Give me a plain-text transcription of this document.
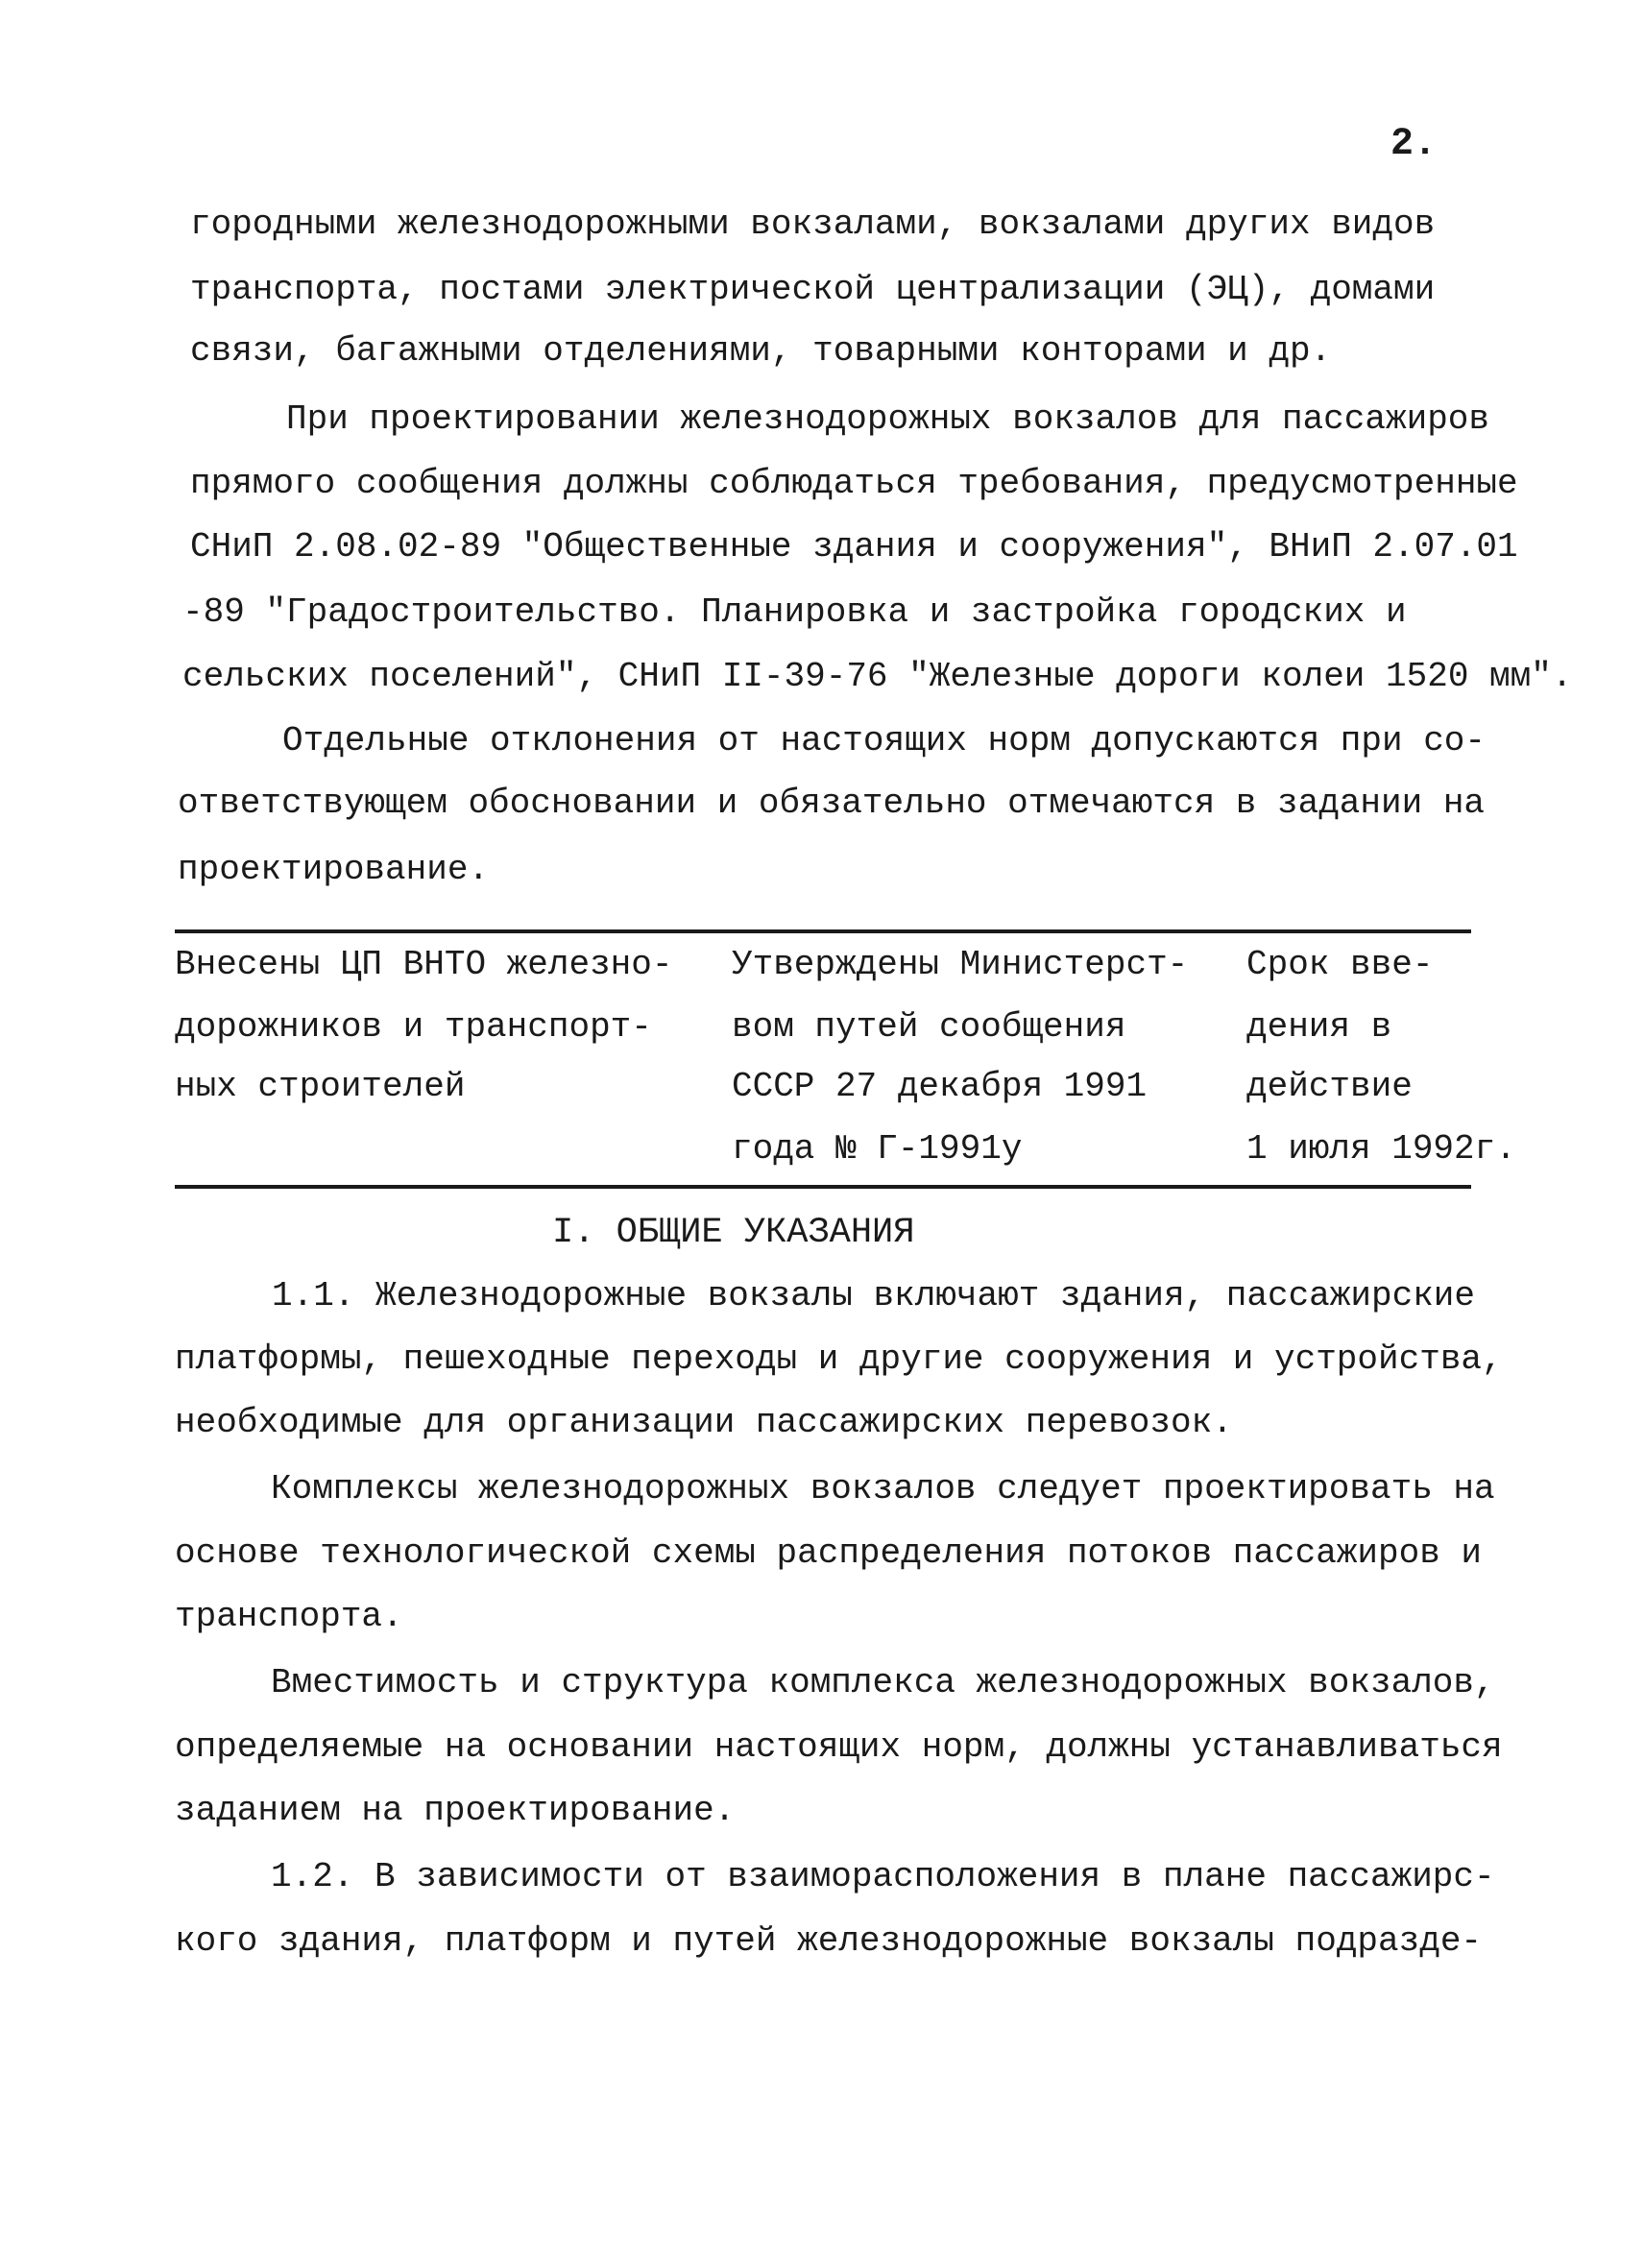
2.
городными железнодорожными вокзалами, вокзалами других видов
транспорта, постами электрической централизации (ЭЦ), домами
связи, багажными отделениями, товарными конторами и др.
При проектировании железнодорожных вокзалов для пассажиров
прямого сообщения должны соблюдаться требования, предусмотренные
СНиП 2.08.02-89 "Общественные здания и сооружения", ВНиП 2.07.01
-89 "Градостроительство. Планировка и застройка городских и
сельских поселений", СНиП II-39-76 "Железные дороги колеи 1520 мм".
Отдельные отклонения от настоящих норм допускаются при со-
ответствующем обосновании и обязательно отмечаются в задании на
проектирование.
Внесены ЦП ВНТО железно-
дорожников и транспорт-
ных строителей
Утверждены Министерст-
вом путей сообщения
СССР 27 декабря 1991
года № Г-1991у
Срок вве-
дения в
действие
1 июля 1992г.
I. ОБЩИЕ УКАЗАНИЯ
1.1. Железнодорожные вокзалы включают здания, пассажирские
платформы, пешеходные переходы и другие сооружения и устройства,
необходимые для организации пассажирских перевозок.
Комплексы железнодорожных вокзалов следует проектировать на
основе технологической схемы распределения потоков пассажиров и
транспорта.
Вместимость и структура комплекса железнодорожных вокзалов,
определяемые на основании настоящих норм, должны устанавливаться
заданием на проектирование.
1.2. В зависимости от взаиморасположения в плане пассажирс-
кого здания, платформ и путей железнодорожные вокзалы подразде-
